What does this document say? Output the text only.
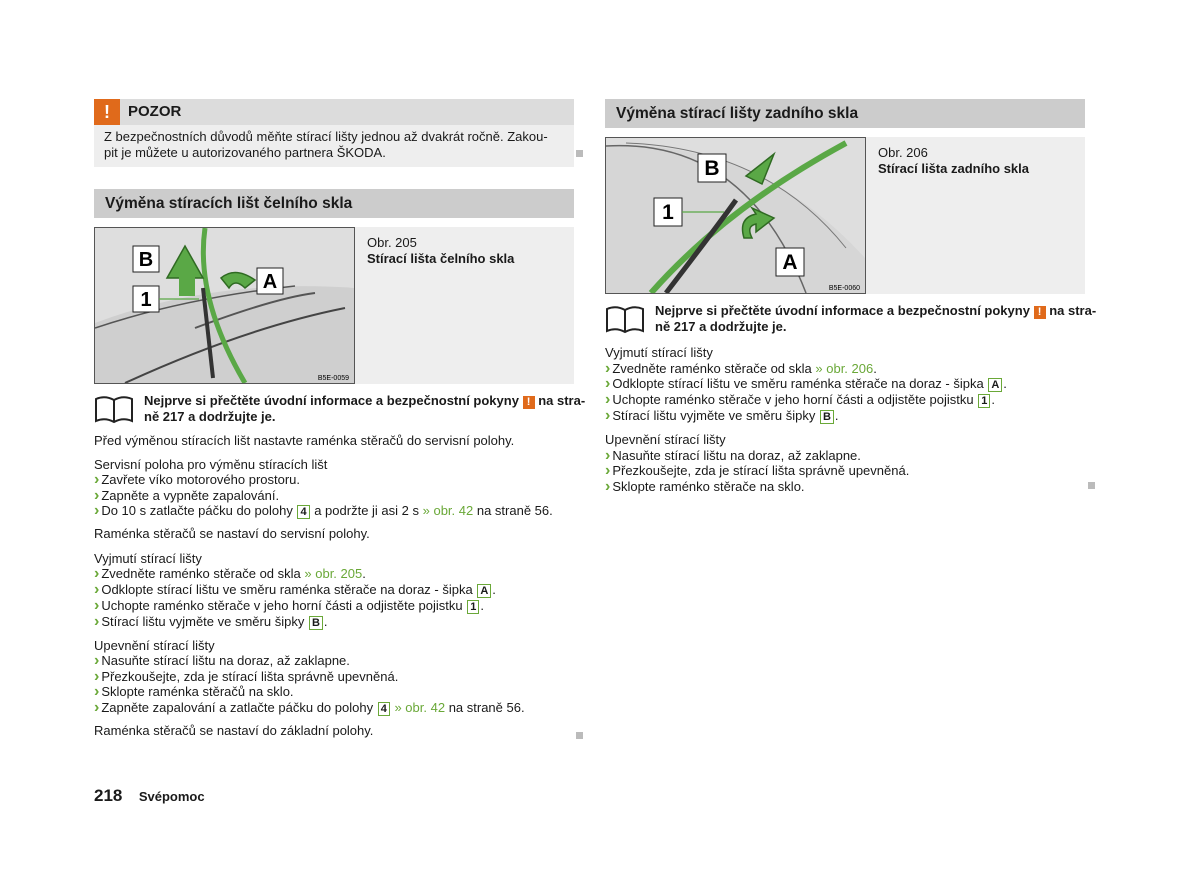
!	POZOR
Z bezpečnostních důvodů měňte stírací lišty jednou až dvakrát ročně. Zakou-
pit je můžete u autorizovaného partnera ŠKODA.
Výměna stíracích lišt čelního skla
B
A
1
B5E-0059
Obr. 205
Stírací lišta čelního skla
Nejprve si přečtěte úvodní informace a bezpečnostní pokyny ! na stra-
ně 217 a dodržujte je.
Před výměnou stíracích lišt nastavte raménka stěračů do servisní polohy.
Servisní poloha pro výměnu stíracích lišt
› Zavřete víko motorového prostoru.
› Zapněte a vypněte zapalování.
› Do 10 s zatlačte páčku do polohy 4 a podržte ji asi 2 s » obr. 42 na straně 56.
Raménka stěračů se nastaví do servisní polohy.
Vyjmutí stírací lišty
› Zvedněte raménko stěrače od skla » obr. 205.
› Odklopte stírací lištu ve směru raménka stěrače na doraz - šipka A .
› Uchopte raménko stěrače v jeho horní části a odjistěte pojistku 1 .
› Stírací lištu vyjměte ve směru šipky B .
Upevnění stírací lišty
› Nasuňte stírací lištu na doraz, až zaklapne.
› Přezkoušejte, zda je stírací lišta správně upevněná.
› Sklopte raménka stěračů na sklo.
› Zapněte zapalování a zatlačte páčku do polohy 4 » obr. 42 na straně 56.
Raménka stěračů se nastaví do základní polohy.
Výměna stírací lišty zadního skla
B
1
A
B5E-0060
Obr. 206
Stírací lišta zadního skla
Nejprve si přečtěte úvodní informace a bezpečnostní pokyny ! na stra-
ně 217 a dodržujte je.
Vyjmutí stírací lišty
› Zvedněte raménko stěrače od skla » obr. 206.
› Odklopte stírací lištu ve směru raménka stěrače na doraz - šipka A .
› Uchopte raménko stěrače v jeho horní části a odjistěte pojistku 1 .
› Stírací lištu vyjměte ve směru šipky B .
Upevnění stírací lišty
› Nasuňte stírací lištu na doraz, až zaklapne.
› Přezkoušejte, zda je stírací lišta správně upevněná.
› Sklopte raménko stěrače na sklo.
218 Svépomoc
